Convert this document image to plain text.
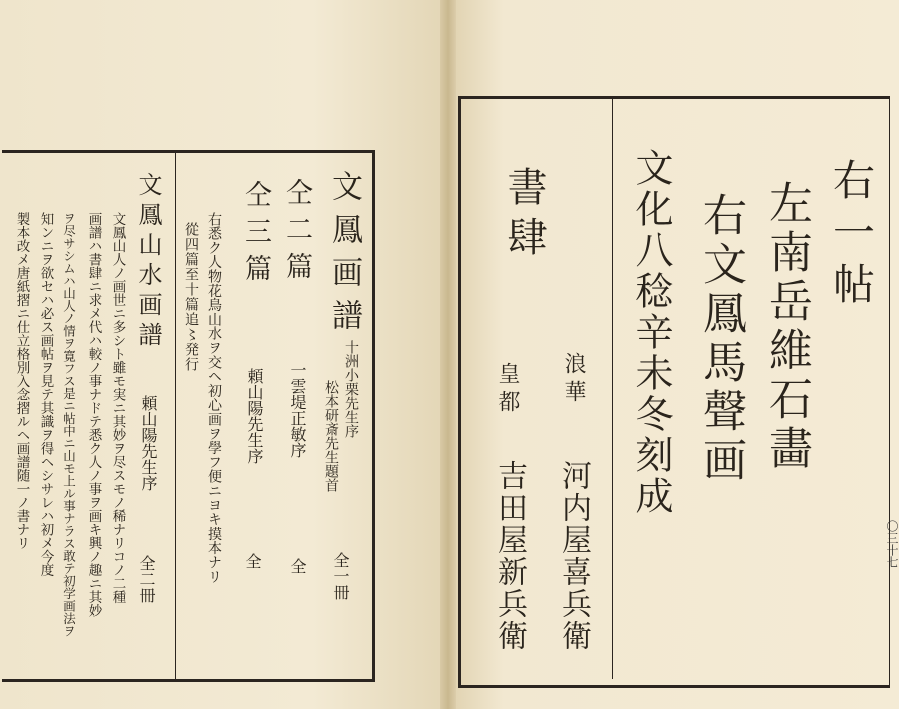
文鳳画譜
十洲小栗先生序
松本研斎先生題首
全一冊
仝二篇
一雲堤正敏序
全
仝三篇
頼山陽先生序
全
右悉ク人物花鳥山水ヲ交ヘ初心画ヲ學フ便ニヨキ摸本ナリ
從四篇至十篇追〻発行
文鳳山水画譜
頼山陽先生序
全二冊
文鳳山人ノ画世ニ多シト雖モ実ニ其妙ヲ尽スモノ稀ナリコノ二種
画譜ハ書肆ニ求メ代ハ較ノ事ナドテ悉ク人ノ事ヲ画キ興ノ趣ニ其妙
ヲ尽サシムハ山人ノ情ヲ寛フス是ニ帖中ニ山モ上ル事ナラス敢テ初学画法ヲ
知ンニヲ欲セハ必ス画帖ヲ見テ其識ヲ得ヘシサレハ初メ今度
製本改メ唐紙摺ニ仕立格別入念摺ルヘ画譜随一ノ書ナリ	右一帖
左南岳維石畵
右文鳳馬聲画
文化八稔辛未冬刻成
浪華
河内屋喜兵衛
皇都
吉田屋新兵衛
書肆
〇三十七
